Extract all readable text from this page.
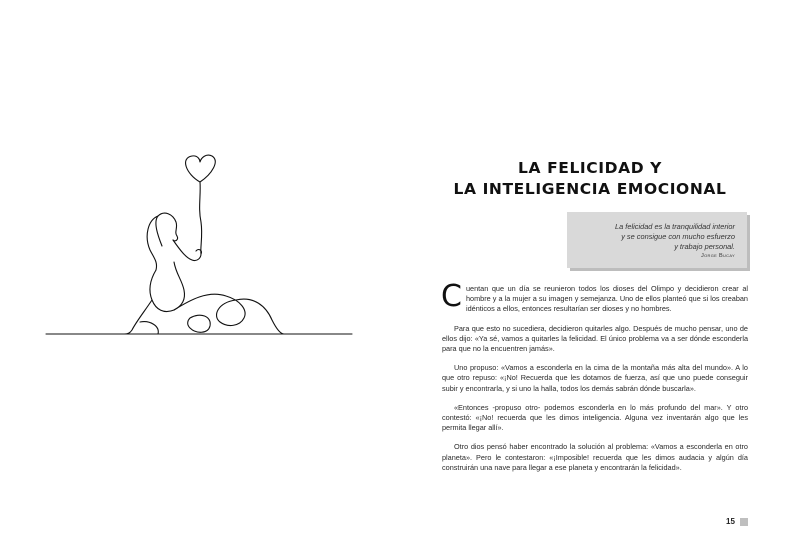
LA FELICIDAD Y
LA INTELIGENCIA EMOCIONAL
La felicidad es la tranquilidad interior
y se consigue con mucho esfuerzo
y trabajo personal.
Jorge Bucay

Cuentan que un día se reunieron todos los dioses del Olimpo y decidieron crear al hombre y a la mujer a su imagen y semejanza. Uno de ellos planteó que si los creaban idénticos a ellos, entonces resultarían ser dioses y no hombres.

Para que esto no sucediera, decidieron quitarles algo. Después de mucho pensar, uno de ellos dijo: «Ya sé, vamos a quitarles la felicidad. El único problema va a ser dónde esconderla para que no la encuentren jamás».

Uno propuso: «Vamos a esconderla en la cima de la montaña más alta del mundo». A lo que otro repuso: «¡No! Recuerda que les dotamos de fuerza, así que uno puede conseguir subir y encontrarla, y si uno la halla, todos los demás sabrán dónde buscarla».

«Entonces -propuso otro- podemos esconderla en lo más profundo del mar». Y otro contestó: «¡No! recuerda que les dimos inteligencia. Alguna vez inventarán algo que les permita llegar allí».

Otro dios pensó haber encontrado la solución al problema: «Vamos a esconderla en otro planeta». Pero le contestaron: «¡Imposible! recuerda que les dimos audacia y algún día construirán una nave para llegar a ese planeta y encontrarán la felicidad».

15
